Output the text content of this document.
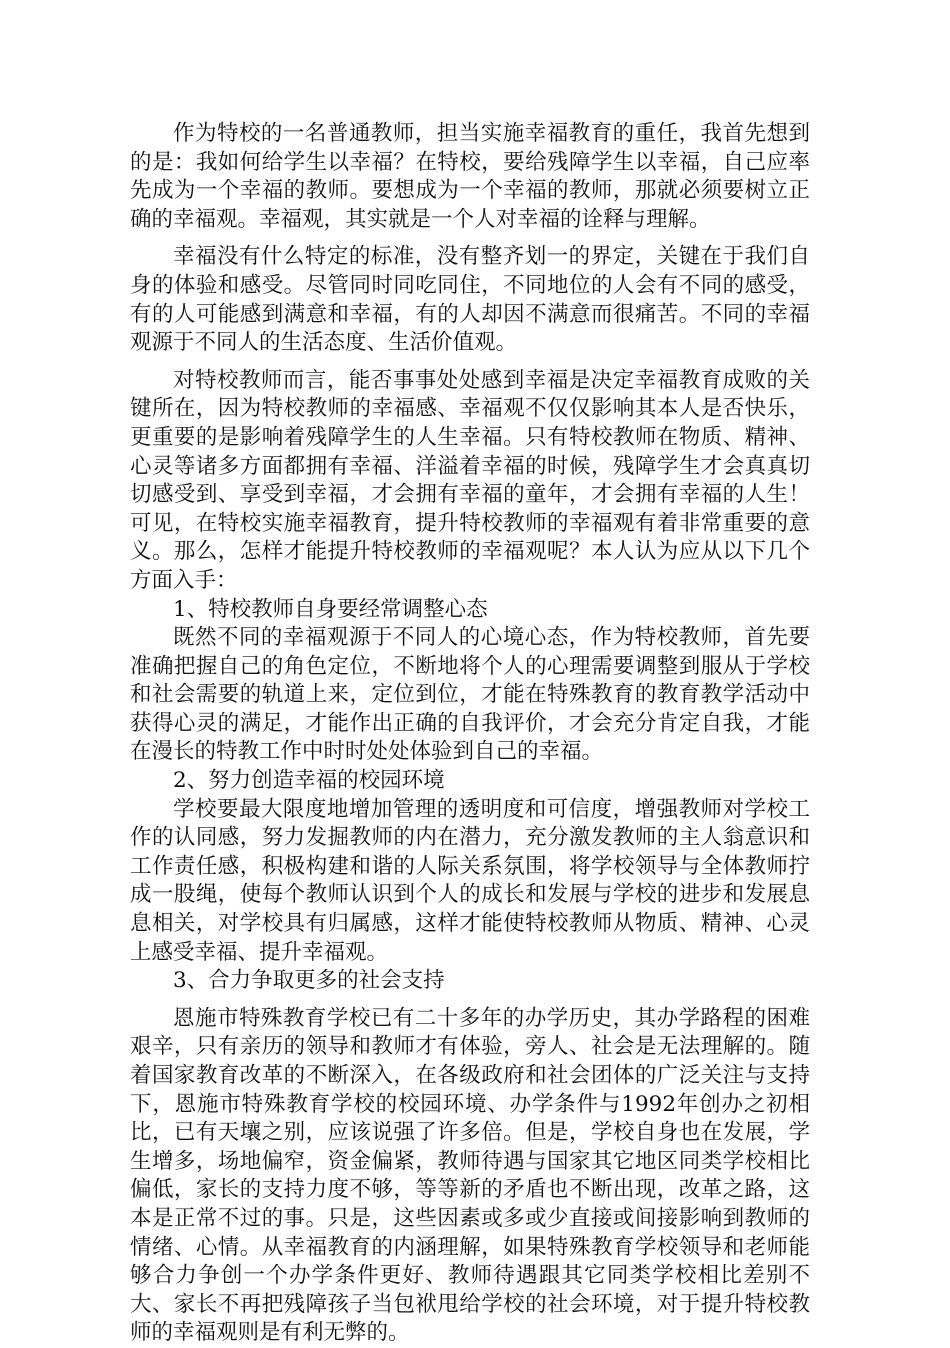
作为特校的一名普通教师，担当实施幸福教育的重任，我首先想到的是：我如何给学生以幸福？在特校，要给残障学生以幸福，自己应率先成为一个幸福的教师。要想成为一个幸福的教师，那就必须要树立正确的幸福观。幸福观，其实就是一个人对幸福的诠释与理解。

幸福没有什么特定的标准，没有整齐划一的界定，关键在于我们自身的体验和感受。尽管同时同吃同住，不同地位的人会有不同的感受，有的人可能感到满意和幸福，有的人却因不满意而很痛苦。不同的幸福观源于不同人的生活态度、生活价值观。

对特校教师而言，能否事事处处感到幸福是决定幸福教育成败的关键所在，因为特校教师的幸福感、幸福观不仅仅影响其本人是否快乐，更重要的是影响着残障学生的人生幸福。只有特校教师在物质、精神、心灵等诸多方面都拥有幸福、洋溢着幸福的时候，残障学生才会真真切切感受到、享受到幸福，才会拥有幸福的童年，才会拥有幸福的人生！可见，在特校实施幸福教育，提升特校教师的幸福观有着非常重要的意义。那么，怎样才能提升特校教师的幸福观呢？本人认为应从以下几个方面入手：

1、特校教师自身要经常调整心态

既然不同的幸福观源于不同人的心境心态，作为特校教师，首先要准确把握自己的角色定位，不断地将个人的心理需要调整到服从于学校和社会需要的轨道上来，定位到位，才能在特殊教育的教育教学活动中获得心灵的满足，才能作出正确的自我评价，才会充分肯定自我，才能在漫长的特教工作中时时处处体验到自己的幸福。

2、努力创造幸福的校园环境

学校要最大限度地增加管理的透明度和可信度，增强教师对学校工作的认同感，努力发掘教师的内在潜力，充分激发教师的主人翁意识和工作责任感，积极构建和谐的人际关系氛围，将学校领导与全体教师拧成一股绳，使每个教师认识到个人的成长和发展与学校的进步和发展息息相关，对学校具有归属感，这样才能使特校教师从物质、精神、心灵上感受幸福、提升幸福观。

3、合力争取更多的社会支持

恩施市特殊教育学校已有二十多年的办学历史，其办学路程的困难艰辛，只有亲历的领导和教师才有体验，旁人、社会是无法理解的。随着国家教育改革的不断深入，在各级政府和社会团体的广泛关注与支持下，恩施市特殊教育学校的校园环境、办学条件与1992年创办之初相比，已有天壤之别，应该说强了许多倍。但是，学校自身也在发展，学生增多，场地偏窄，资金偏紧，教师待遇与国家其它地区同类学校相比偏低，家长的支持力度不够，等等新的矛盾也不断出现，改革之路，这本是正常不过的事。只是，这些因素或多或少直接或间接影响到教师的情绪、心情。从幸福教育的内涵理解，如果特殊教育学校领导和老师能够合力争创一个办学条件更好、教师待遇跟其它同类学校相比差别不大、家长不再把残障孩子当包袱甩给学校的社会环境，对于提升特校教师的幸福观则是有利无弊的。
